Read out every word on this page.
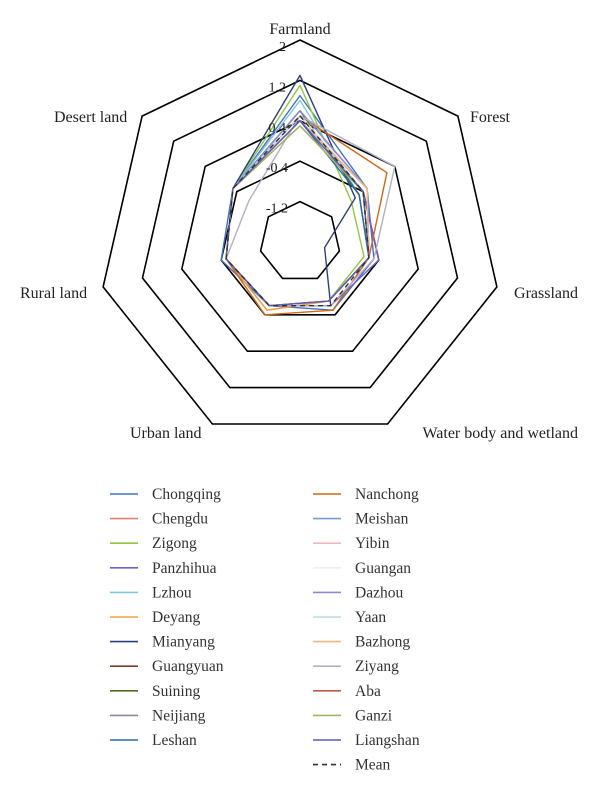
Farmland
Forest
Grassland
Water body and wetland
Urban land
Rural land
Desert land
-1.2
-0.4
0.4
1.2
2
Chongqing
Chengdu
Zigong
Panzhihua
Lzhou
Deyang
Mianyang
Guangyuan
Suining
Neijiang
Leshan
Nanchong
Meishan
Yibin
Guangan
Dazhou
Yaan
Bazhong
Ziyang
Aba
Ganzi
Liangshan
Mean
